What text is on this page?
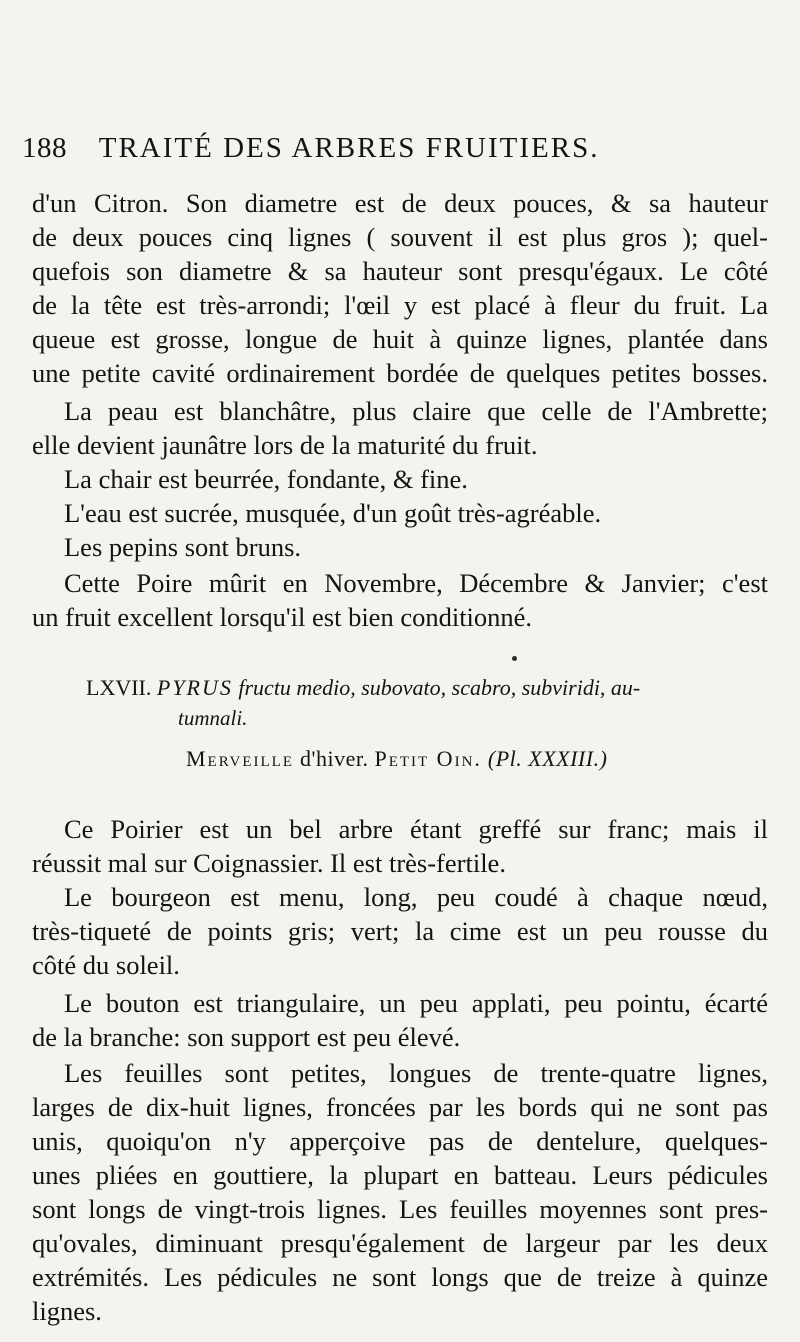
188 TRAITÉ DES ARBRES FRUITIERS.
d'un Citron. Son diametre est de deux pouces, & sa hauteur
de deux pouces cinq lignes ( souvent il est plus gros ); quel-
quefois son diametre & sa hauteur sont presqu'égaux. Le côté
de la tête est très-arrondi; l'œil y est placé à fleur du fruit. La
queue est grosse, longue de huit à quinze lignes, plantée dans
une petite cavité ordinairement bordée de quelques petites bosses.
La peau est blanchâtre, plus claire que celle de l'Ambrette;
elle devient jaunâtre lors de la maturité du fruit.
La chair est beurrée, fondante, & fine.
L'eau est sucrée, musquée, d'un goût très-agréable.
Les pepins sont bruns.
Cette Poire mûrit en Novembre, Décembre & Janvier; c'est
un fruit excellent lorsqu'il est bien conditionné.
LXVII. PYRUS fructu medio, subovato, scabro, subviridi, au-
tumnali.
Merveille d'hiver. Petit Oin. (Pl. XXXIII.)
Ce Poirier est un bel arbre étant greffé sur franc; mais il
réussit mal sur Coignassier. Il est très-fertile.
Le bourgeon est menu, long, peu coudé à chaque nœud,
très-tiqueté de points gris; vert; la cime est un peu rousse du
côté du soleil.
Le bouton est triangulaire, un peu applati, peu pointu, écarté
de la branche: son support est peu élevé.
Les feuilles sont petites, longues de trente-quatre lignes,
larges de dix-huit lignes, froncées par les bords qui ne sont pas
unis, quoiqu'on n'y apperçoive pas de dentelure, quelques-
unes pliées en gouttiere, la plupart en batteau. Leurs pédicules
sont longs de vingt-trois lignes. Les feuilles moyennes sont pres-
qu'ovales, diminuant presqu'également de largeur par les deux
extrémités. Les pédicules ne sont longs que de treize à quinze
lignes.
